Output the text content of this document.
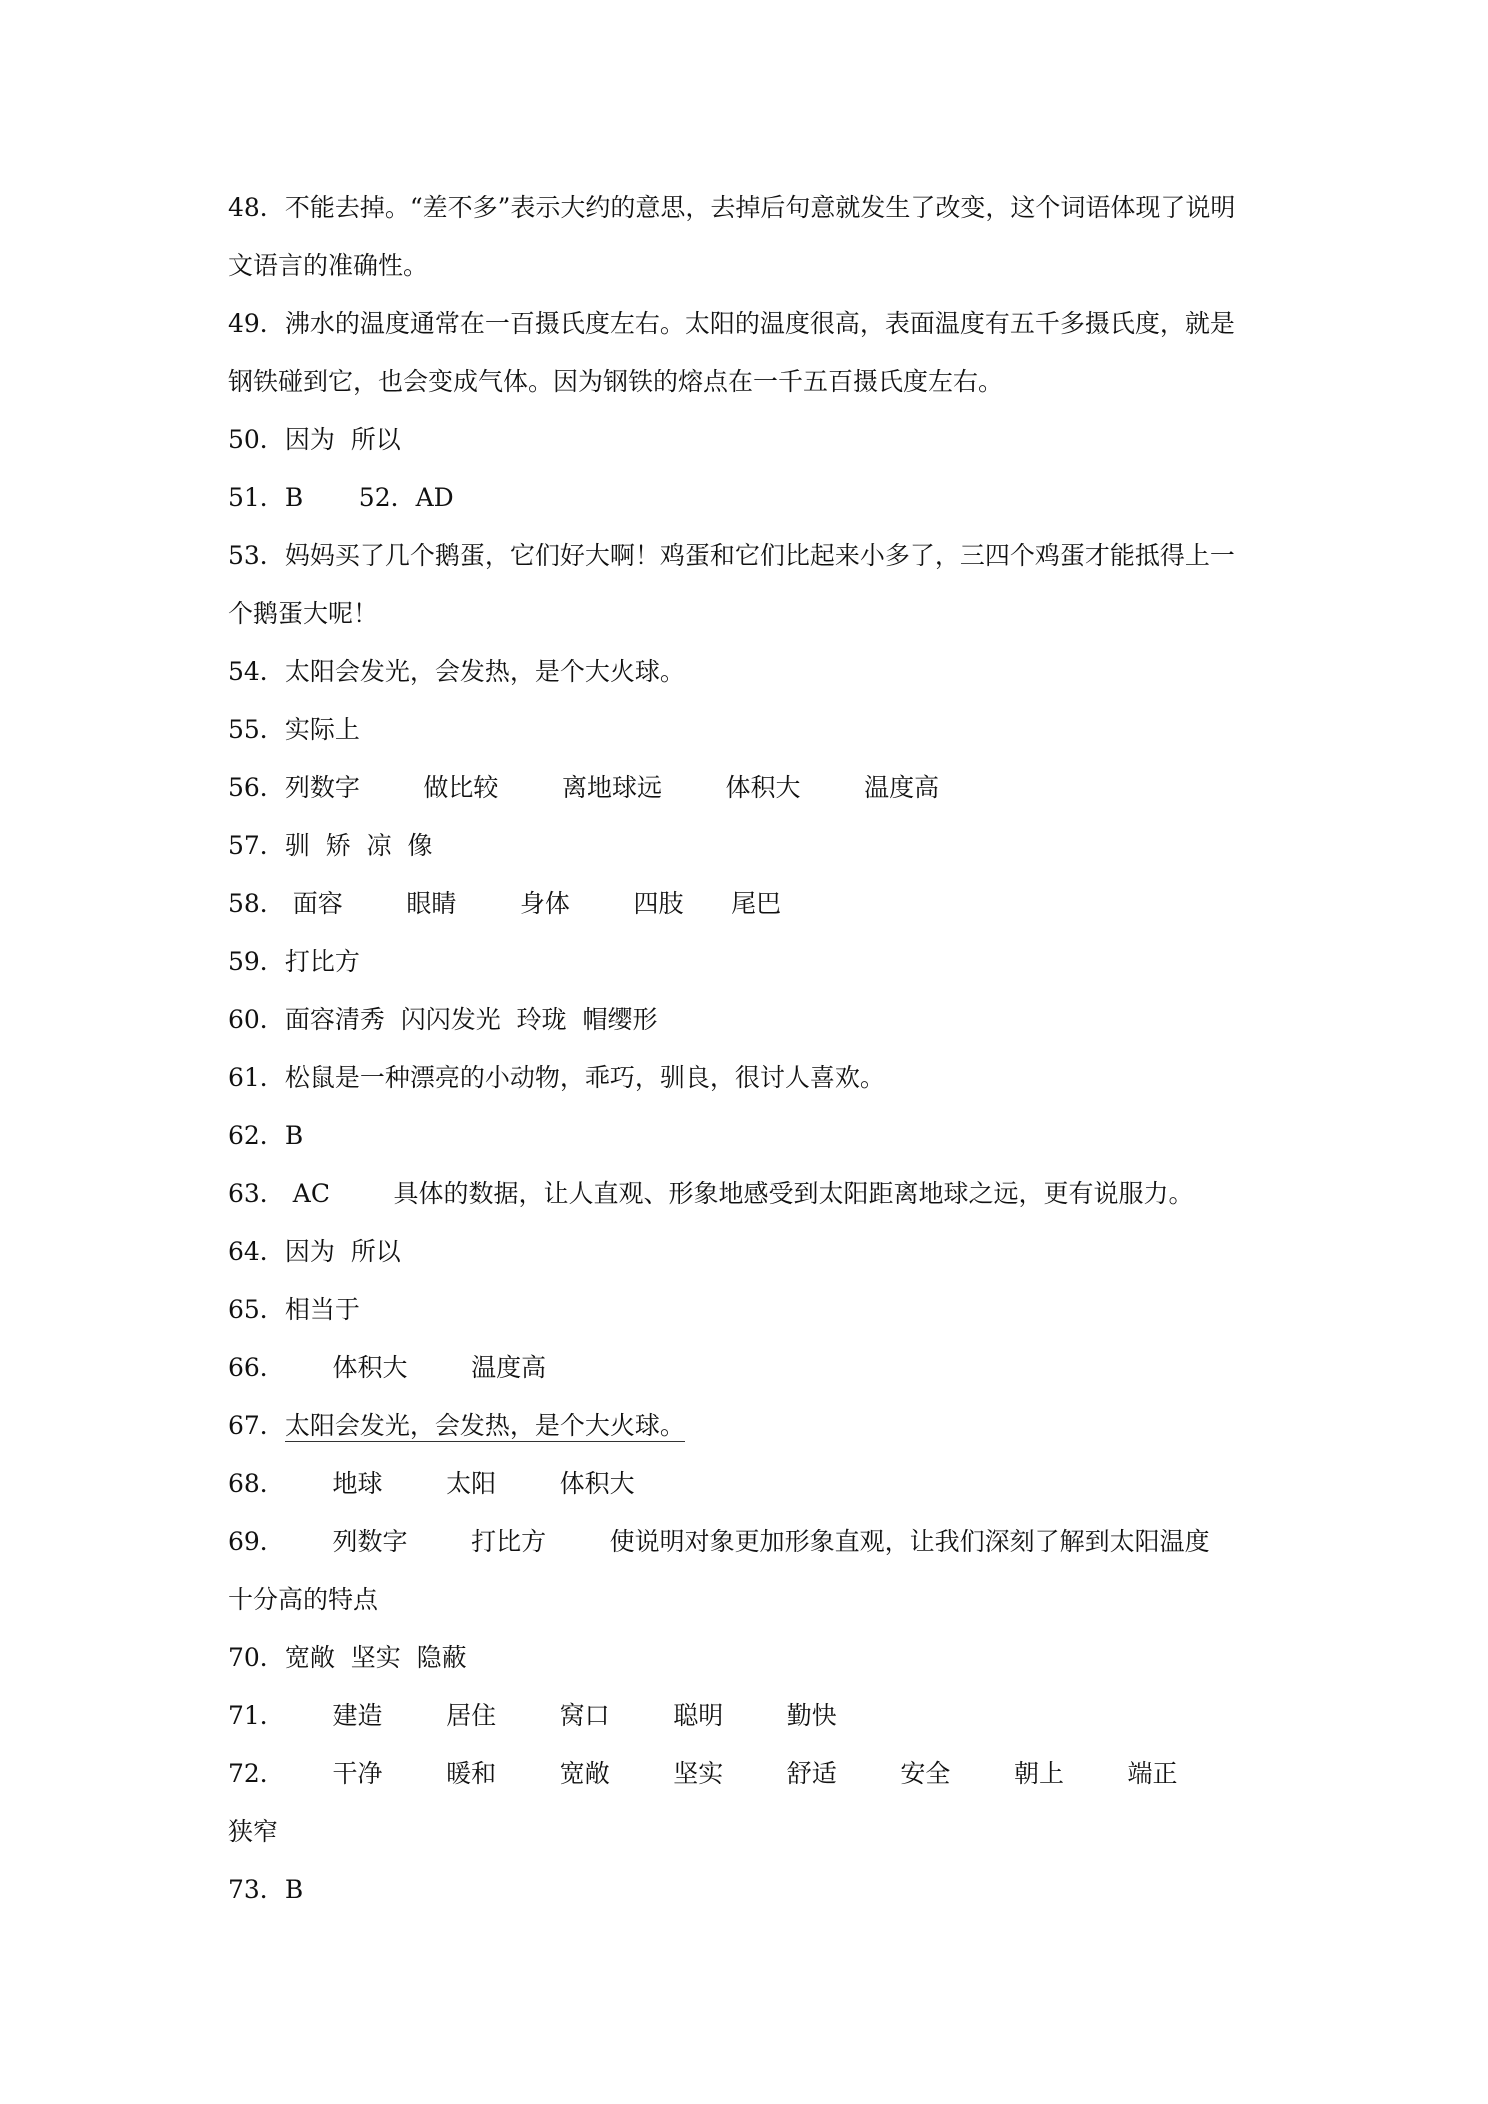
48．不能去掉。“差不多”表示大约的意思，去掉后句意就发生了改变，这个词语体现了说明
文语言的准确性。
49．沸水的温度通常在一百摄氏度左右。太阳的温度很高，表面温度有五千多摄氏度，就是
钢铁碰到它，也会变成气体。因为钢铁的熔点在一千五百摄氏度左右。
50．因为  所以
51．B       52．AD
53．妈妈买了几个鹅蛋，它们好大啊！鸡蛋和它们比起来小多了，三四个鸡蛋才能抵得上一
个鹅蛋大呢！
54．太阳会发光，会发热，是个大火球。
55．实际上
56．列数字        做比较        离地球远        体积大        温度高
57．驯  矫  凉  像
58． 面容        眼睛        身体        四肢      尾巴
59．打比方
60．面容清秀  闪闪发光  玲珑  帽缨形
61．松鼠是一种漂亮的小动物，乖巧，驯良，很讨人喜欢。
62．B
63． AC        具体的数据，让人直观、形象地感受到太阳距离地球之远，更有说服力。
64．因为  所以
65．相当于
66．      体积大        温度高
67．太阳会发光，会发热，是个大火球。
68．      地球        太阳        体积大
69．      列数字        打比方        使说明对象更加形象直观，让我们深刻了解到太阳温度
十分高的特点
70．宽敞  坚实  隐蔽
71．      建造        居住        窝口        聪明        勤快
72．      干净        暖和        宽敞        坚实        舒适        安全        朝上        端正
狭窄
73．B
